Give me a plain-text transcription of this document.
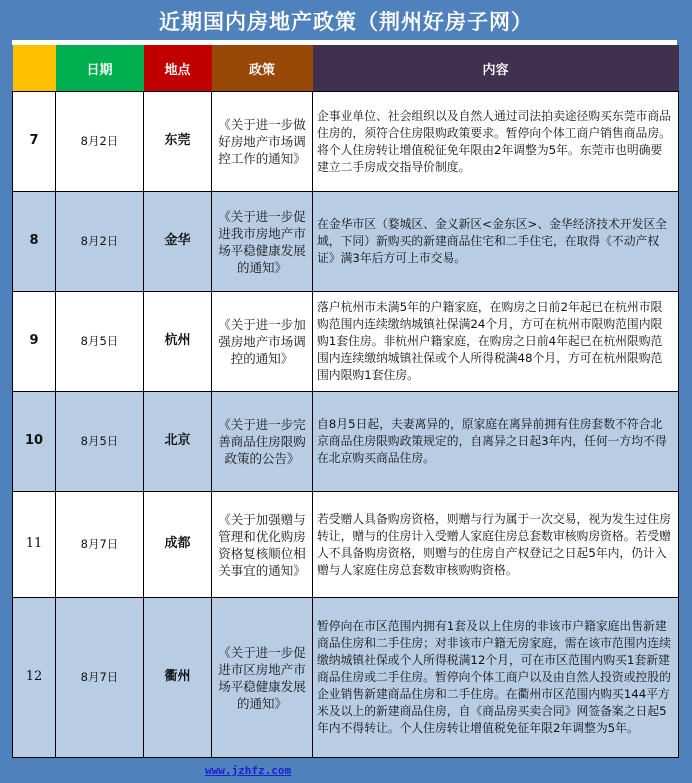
近期国内房地产政策（荆州好房子网）
	日期	地点	政策	内容
7	8月2日	东莞	《关于进一步做好房地产市场调控工作的通知》	企事业单位、社会组织以及自然人通过司法拍卖途径购买东莞市商品住房的，须符合住房限购政策要求。暂停向个体工商户销售商品房。将个人住房转让增值税征免年限由2年调整为5年。东莞市也明确要建立二手房成交指导价制度。
8	8月2日	金华	《关于进一步促进我市房地产市场平稳健康发展的通知》	在金华市区（婺城区、金义新区<金东区>、金华经济技术开发区全域，下同）新购买的新建商品住宅和二手住宅，在取得《不动产权证》满3年后方可上市交易。
9	8月5日	杭州	《关于进一步加强房地产市场调控的通知》	落户杭州市未满5年的户籍家庭，在购房之日前2年起已在杭州市限购范围内连续缴纳城镇社保满24个月，方可在杭州市限购范围内限购1套住房。非杭州户籍家庭，在购房之日前4年起已在杭州限购范围内连续缴纳城镇社保或个人所得税满48个月，方可在杭州限购范围内限购1套住房。
10	8月5日	北京	《关于进一步完善商品住房限购政策的公告》	自8月5日起，夫妻离异的，原家庭在离异前拥有住房套数不符合北京商品住房限购政策规定的，自离异之日起3年内，任何一方均不得在北京购买商品住房。
11	8月7日	成都	《关于加强赠与管理和优化购房资格复核顺位相关事宜的通知》	若受赠人具备购房资格，则赠与行为属于一次交易，视为发生过住房转让，赠与的住房计入受赠人家庭住房总套数审核购房资格。若受赠人不具备购房资格，则赠与的住房自产权登记之日起5年内，仍计入赠与人家庭住房总套数审核购购资格。
12	8月7日	衢州	《关于进一步促进市区房地产市场平稳健康发展的通知》	暂停向在市区范围内拥有1套及以上住房的非该市户籍家庭出售新建商品住房和二手住房；对非该市户籍无房家庭，需在该市范围内连续缴纳城镇社保或个人所得税满12个月，可在市区范围内购买1套新建商品住房或二手住房。暂停向个体工商户以及由自然人投资或控股的企业销售新建商品住房和二手住房。在衢州市区范围内购买144平方米及以上的新建商品住房，自《商品房买卖合同》网签备案之日起5年内不得转让。个人住房转让增值税免征年限2年调整为5年。
www.jzhfz.com
